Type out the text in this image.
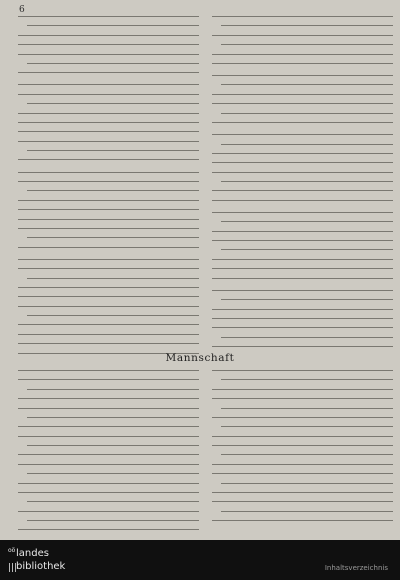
6
Mannschaft
oö landes
|||
bibliothek	Inhaltsverzeichnis
